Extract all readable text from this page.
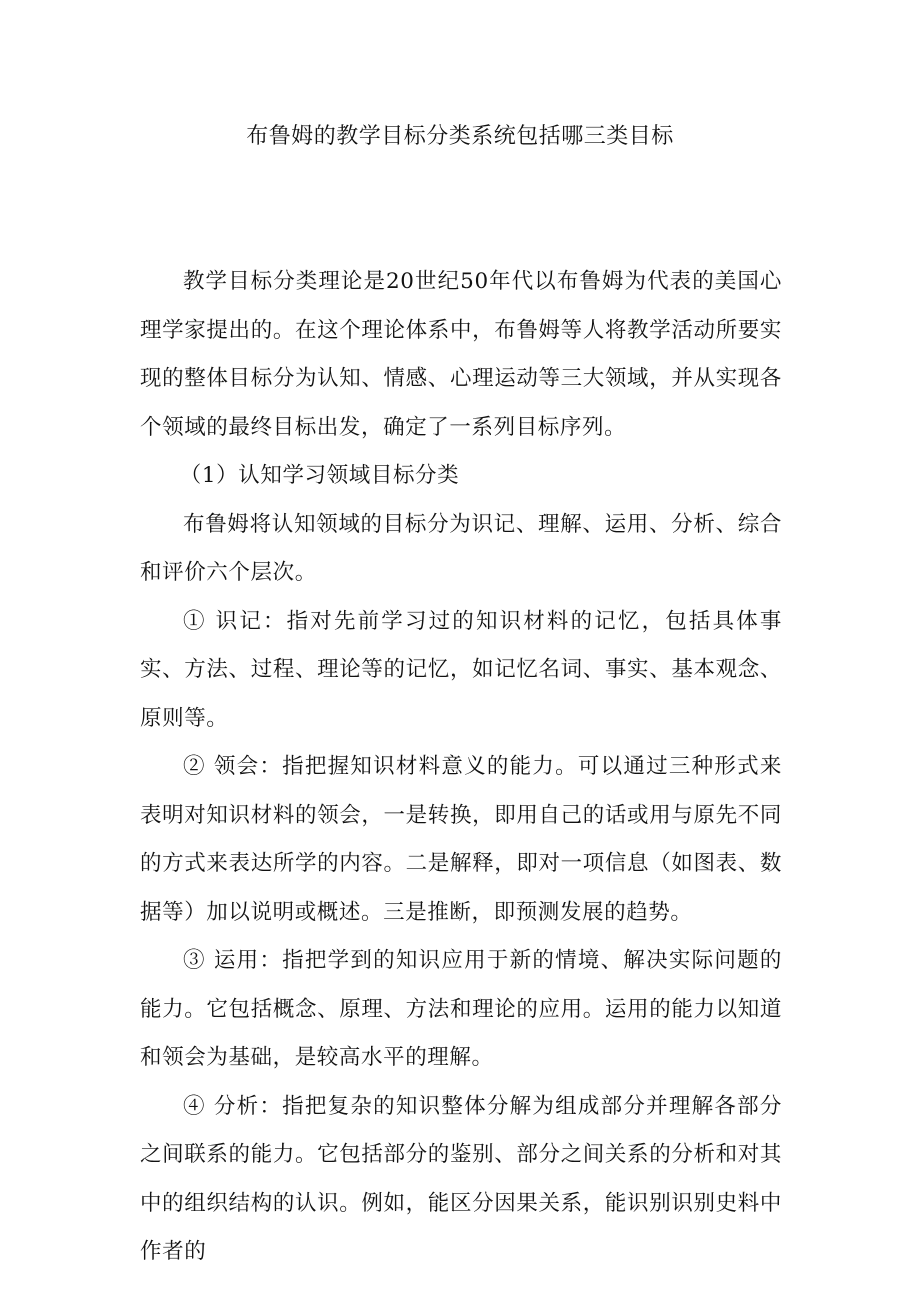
布鲁姆的教学目标分类系统包括哪三类目标

教学目标分类理论是20世纪50年代以布鲁姆为代表的美国心理学家提出的。在这个理论体系中，布鲁姆等人将教学活动所要实现的整体目标分为认知、情感、心理运动等三大领域，并从实现各个领域的最终目标出发，确定了一系列目标序列。

（1）认知学习领域目标分类

布鲁姆将认知领域的目标分为识记、理解、运用、分析、综合和评价六个层次。

① 识记：指对先前学习过的知识材料的记忆，包括具体事实、方法、过程、理论等的记忆，如记忆名词、事实、基本观念、原则等。

② 领会：指把握知识材料意义的能力。可以通过三种形式来表明对知识材料的领会，一是转换，即用自己的话或用与原先不同的方式来表达所学的内容。二是解释，即对一项信息（如图表、数据等）加以说明或概述。三是推断，即预测发展的趋势。

③ 运用：指把学到的知识应用于新的情境、解决实际问题的能力。它包括概念、原理、方法和理论的应用。运用的能力以知道和领会为基础，是较高水平的理解。

④ 分析：指把复杂的知识整体分解为组成部分并理解各部分之间联系的能力。它包括部分的鉴别、部分之间关系的分析和对其中的组织结构的认识。例如，能区分因果关系，能识别识别史料中作者的
